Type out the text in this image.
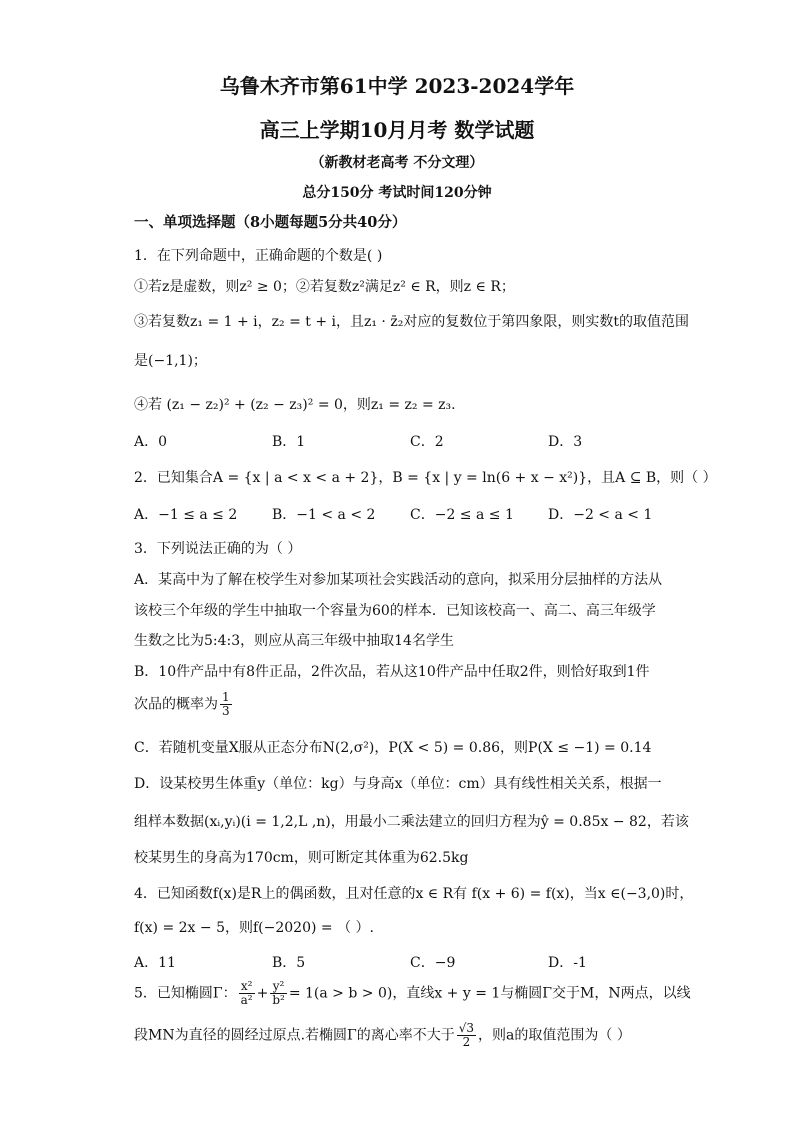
乌鲁木齐市第61中学 2023-2024学年
高三上学期10月月考 数学试题
（新教材老高考 不分文理）
总分150分 考试时间120分钟
一、单项选择题（8小题每题5分共40分）
1．在下列命题中，正确命题的个数是( )
①若z是虚数，则z² ≥ 0；②若复数z²满足z² ∈ R，则z ∈ R；
③若复数z₁ = 1 + i，z₂ = t + i，且z₁ · z̄₂对应的复数位于第四象限，则实数t的取值范围
是(−1,1)；
④若 (z₁ − z₂)² + (z₂ − z₃)² = 0，则z₁ = z₂ = z₃.
A．0	B．1	C．2	D．3
2．已知集合A = {x | a < x < a + 2}，B = {x | y = ln(6 + x − x²)}，且A ⊆ B，则（ ）
A．−1 ≤ a ≤ 2 B．−1 < a < 2 C．−2 ≤ a ≤ 1 D．−2 < a < 1
3．下列说法正确的为（ ）
A．某高中为了解在校学生对参加某项社会实践活动的意向，拟采用分层抽样的方法从
该校三个年级的学生中抽取一个容量为60的样本．已知该校高一、高二、高三年级学
生数之比为5:4:3，则应从高三年级中抽取14名学生
B．10件产品中有8件正品，2件次品，若从这10件产品中任取2件，则恰好取到1件
次品的概率为 $\frac{1}{3}$
C．若随机变量X服从正态分布N(2,σ²)，P(X < 5) = 0.86，则P(X ≤ −1) = 0.14
D．设某校男生体重y（单位：kg）与身高x（单位：cm）具有线性相关关系，根据一
组样本数据(xᵢ,yᵢ)(i = 1,2,L ,n)，用最小二乘法建立的回归方程为ŷ = 0.85x − 82，若该
校某男生的身高为170cm，则可断定其体重为62.5kg
4．已知函数f(x)是R上的偶函数，且对任意的x ∈ R有 f(x + 6) = f(x)，当x ∈(−3,0)时，
f(x) = 2x − 5，则f(−2020) = （ ）.
A．11	B．5	C．−9	D．-1
5．已知椭圆Γ： $\frac{\text{x²}}{\text{a²}} + \frac{\text{y²}}{\text{b²}} = 1(a > b > 0)$，直线x + y = 1与椭圆Γ交于M，N两点，以线
段MN为直径的圆经过原点.若椭圆Γ的离心率不大于 $\frac{√3}{2}$ ，则a的取值范围为（ ）
